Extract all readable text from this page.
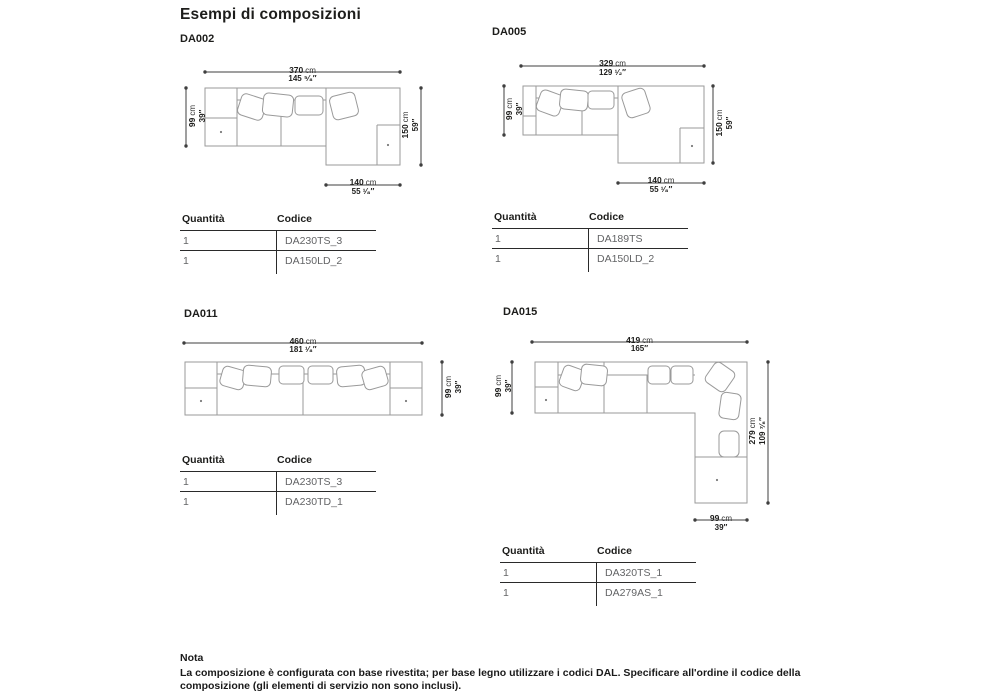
Esempi di composizioni
DA002
370 cm
145 ⁵⁄₈″
99cm 39″
150cm
59″
140 cm
55 ¹⁄₈″
Quantità	Codice
1	DA230TS_3
1	DA150LD_2
DA005
329 cm
129 ¹⁄₂″
99cm 39″
150cm
59″
140 cm
55 ¹⁄₈″
Quantità	Codice
1	DA189TS
1	DA150LD_2
DA011
460 cm
181 ¹⁄₈″
99cm 39″
Quantità	Codice
1	DA230TS_3
1	DA230TD_1
DA015
419 cm
165″
99cm 39″
279cm 109 ⁷⁄₈″
99 cm
39″
Quantità	Codice
1	DA320TS_1
1	DA279AS_1
Nota
La composizione è configurata con base rivestita; per base legno utilizzare i codici DAL. Specificare all'ordine il codice della composizione (gli elementi di servizio non sono inclusi).
